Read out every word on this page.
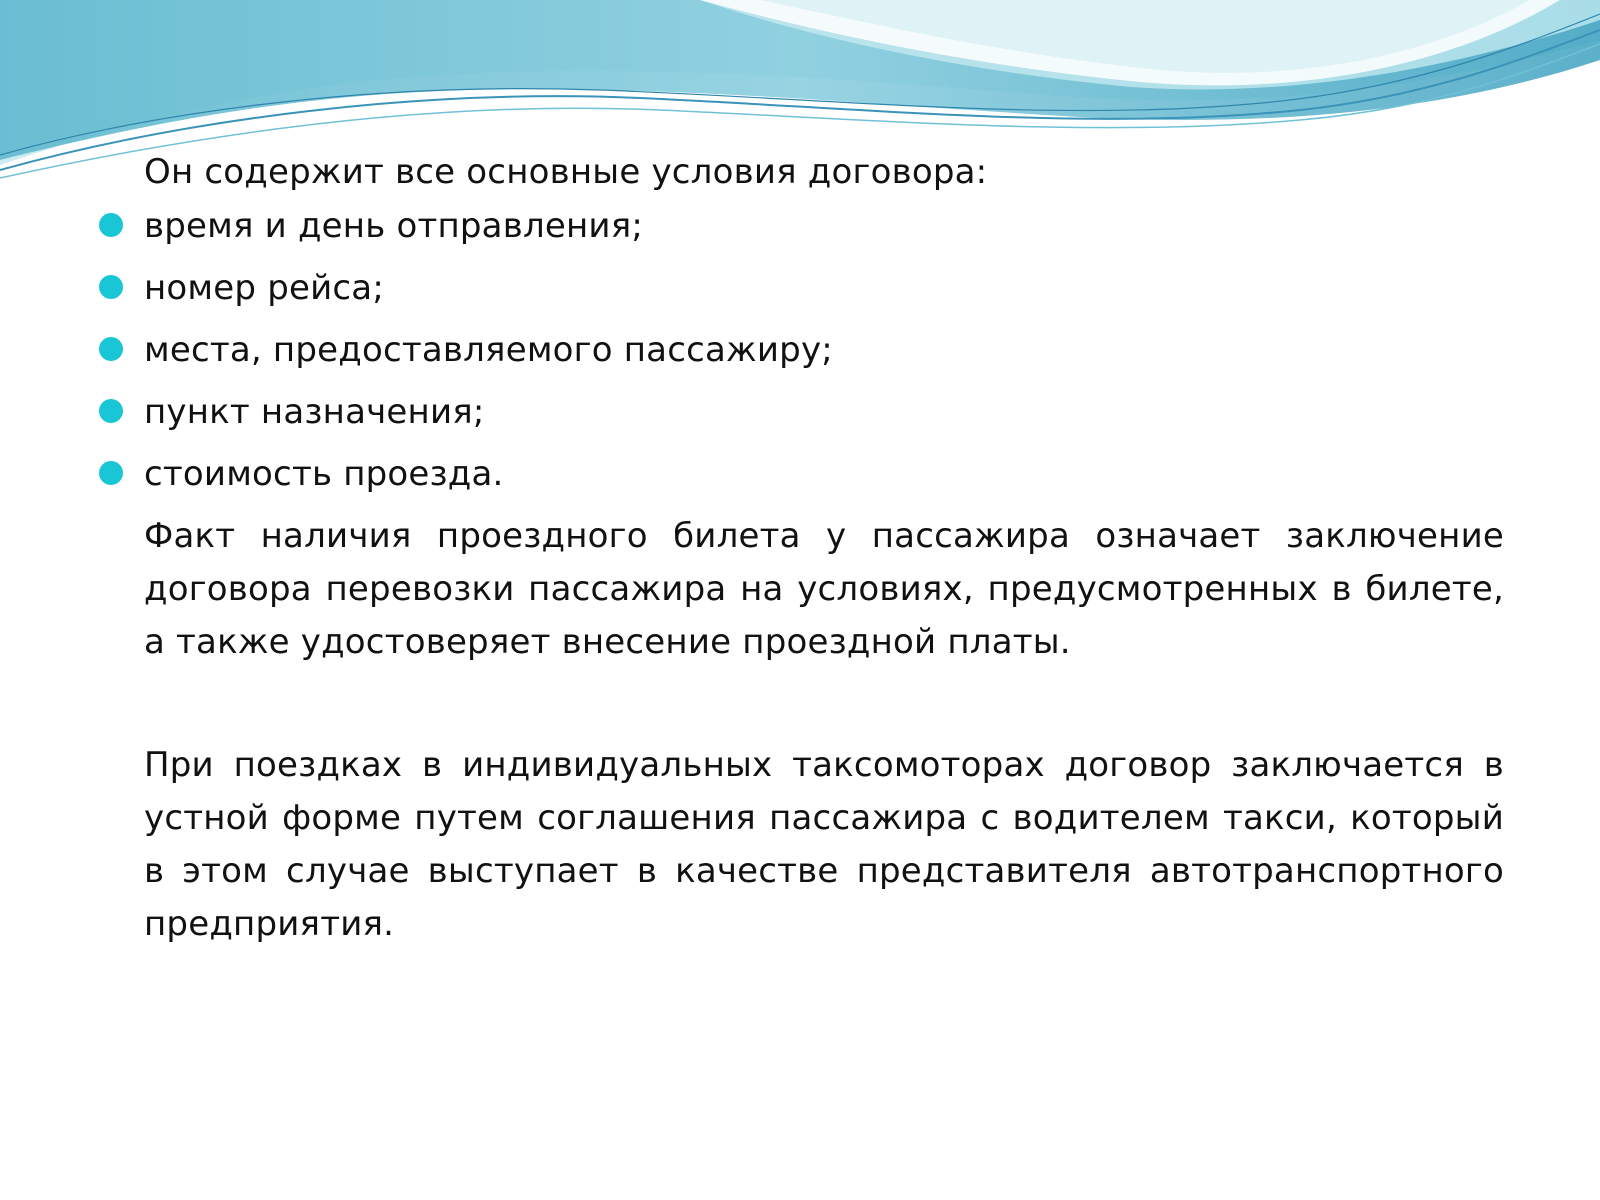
Он содержит все основные условия договора:

время и день отправления;
номер рейса;
места, предоставляемого пассажиру;
пункт назначения;
стоимость проезда.

Факт наличия проездного билета у пассажира означает заключение договора перевозки пассажира на условиях, предусмотренных в билете, а также удостоверяет внесение проездной платы.

При поездках в индивидуальных таксомоторах договор заключается в устной форме путем соглашения пассажира с водителем такси, который в этом случае выступает в качестве представителя автотранспортного предприятия.
